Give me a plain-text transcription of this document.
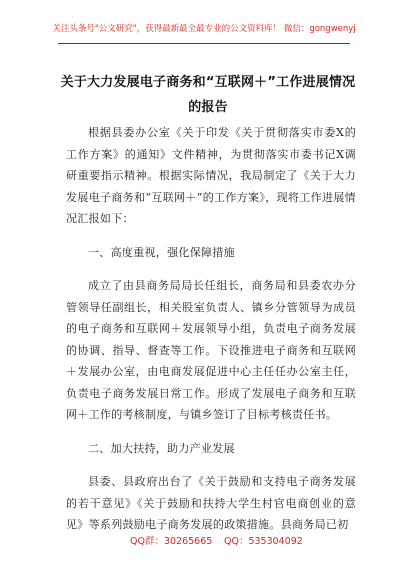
关注头条号"公文研究"，获得最新最全最专业的公文资料库！ 微信：gongwenyj
关于大力发展电子商务和“互联网＋”工作进展情况的报告

根据县委办公室《关于印发《关于贯彻落实市委X的工作方案》的通知》文件精神，为贯彻落实市委书记X调研重要指示精神。根据实际情况，我局制定了《关于大力发展电子商务和“互联网＋”的工作方案》，现将工作进展情况汇报如下：

一、高度重视，强化保障措施

成立了由县商务局局长任组长，商务局和县委农办分管领导任副组长，相关股室负责人、镇乡分管领导为成员的电子商务和互联网＋发展领导小组，负责电子商务发展的协调、指导、督查等工作。下设推进电子商务和互联网＋发展办公室，由电商发展促进中心主任任办公室主任，负责电子商务发展日常工作。形成了发展电子商务和互联网＋工作的考核制度，与镇乡签订了目标考核责任书。

二、加大扶持，助力产业发展

县委、县政府出台了《关于鼓励和支持电子商务发展的若干意见》《关于鼓励和扶持大学生村官电商创业的意见》等系列鼓励电子商务发展的政策措施。县商务局已初

QQ群：30265665 QQ：535304092
